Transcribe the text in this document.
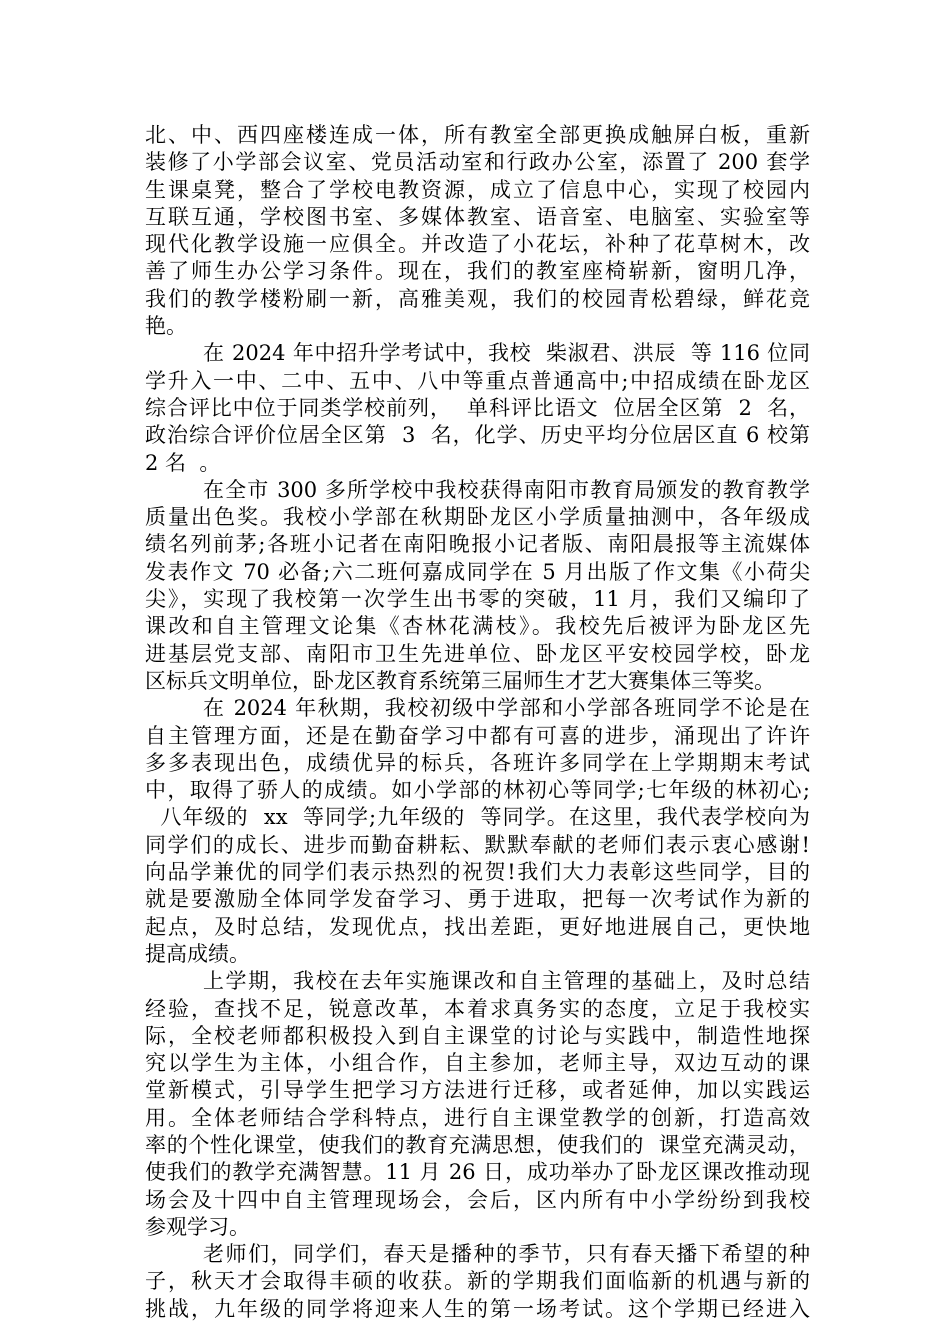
北、中、西四座楼连成一体，所有教室全部更换成触屏白板，重新
装修了小学部会议室、党员活动室和行政办公室，添置了 200 套学
生课桌凳，整合了学校电教资源，成立了信息中心，实现了校园内
互联互通，学校图书室、多媒体教室、语音室、电脑室、实验室等
现代化教学设施一应俱全。并改造了小花坛，补种了花草树木，改
善了师生办公学习条件。现在，我们的教室座椅崭新，窗明几净，
我们的教学楼粉刷一新，高雅美观，我们的校园青松碧绿，鲜花竞
艳。
在 2024 年中招升学考试中，我校  柴淑君、洪辰  等 116 位同
学升入一中、二中、五中、八中等重点普通高中;中招成绩在卧龙区
综合评比中位于同类学校前列，  单科评比语文  位居全区第  2  名，
政治综合评价位居全区第  3  名，化学、历史平均分位居区直 6 校第
2 名  。
在全市 300 多所学校中我校获得南阳市教育局颁发的教育教学
质量出色奖。我校小学部在秋期卧龙区小学质量抽测中，各年级成
绩名列前茅;各班小记者在南阳晚报小记者版、南阳晨报等主流媒体
发表作文 70 必备;六二班何嘉成同学在 5 月出版了作文集《小荷尖
尖》，实现了我校第一次学生出书零的突破，11 月，我们又编印了
课改和自主管理文论集《杏林花满枝》。我校先后被评为卧龙区先
进基层党支部、南阳市卫生先进单位、卧龙区平安校园学校，卧龙
区标兵文明单位，卧龙区教育系统第三届师生才艺大赛集体三等奖。
在 2024 年秋期，我校初级中学部和小学部各班同学不论是在
自主管理方面，还是在勤奋学习中都有可喜的进步，涌现出了许许
多多表现出色，成绩优异的标兵，各班许多同学在上学期期末考试
中，取得了骄人的成绩。如小学部的林初心等同学;七年级的林初心;
八年级的  xx  等同学;九年级的  等同学。在这里，我代表学校向为
同学们的成长、进步而勤奋耕耘、默默奉献的老师们表示衷心感谢!
向品学兼优的同学们表示热烈的祝贺!我们大力表彰这些同学，目的
就是要激励全体同学发奋学习、勇于进取，把每一次考试作为新的
起点，及时总结，发现优点，找出差距，更好地进展自己，更快地
提高成绩。
上学期，我校在去年实施课改和自主管理的基础上，及时总结
经验，查找不足，锐意改革，本着求真务实的态度，立足于我校实
际，全校老师都积极投入到自主课堂的讨论与实践中，制造性地探
究以学生为主体，小组合作，自主参加，老师主导，双边互动的课
堂新模式，引导学生把学习方法进行迁移，或者延伸，加以实践运
用。全体老师结合学科特点，进行自主课堂教学的创新，打造高效
率的个性化课堂，使我们的教育充满思想，使我们的  课堂充满灵动，
使我们的教学充满智慧。11 月 26 日，成功举办了卧龙区课改推动现
场会及十四中自主管理现场会，会后，区内所有中小学纷纷到我校
参观学习。
老师们，同学们，春天是播种的季节，只有春天播下希望的种
子，秋天才会取得丰硕的收获。新的学期我们面临新的机遇与新的
挑战，九年级的同学将迎来人生的第一场考试。这个学期已经进入
